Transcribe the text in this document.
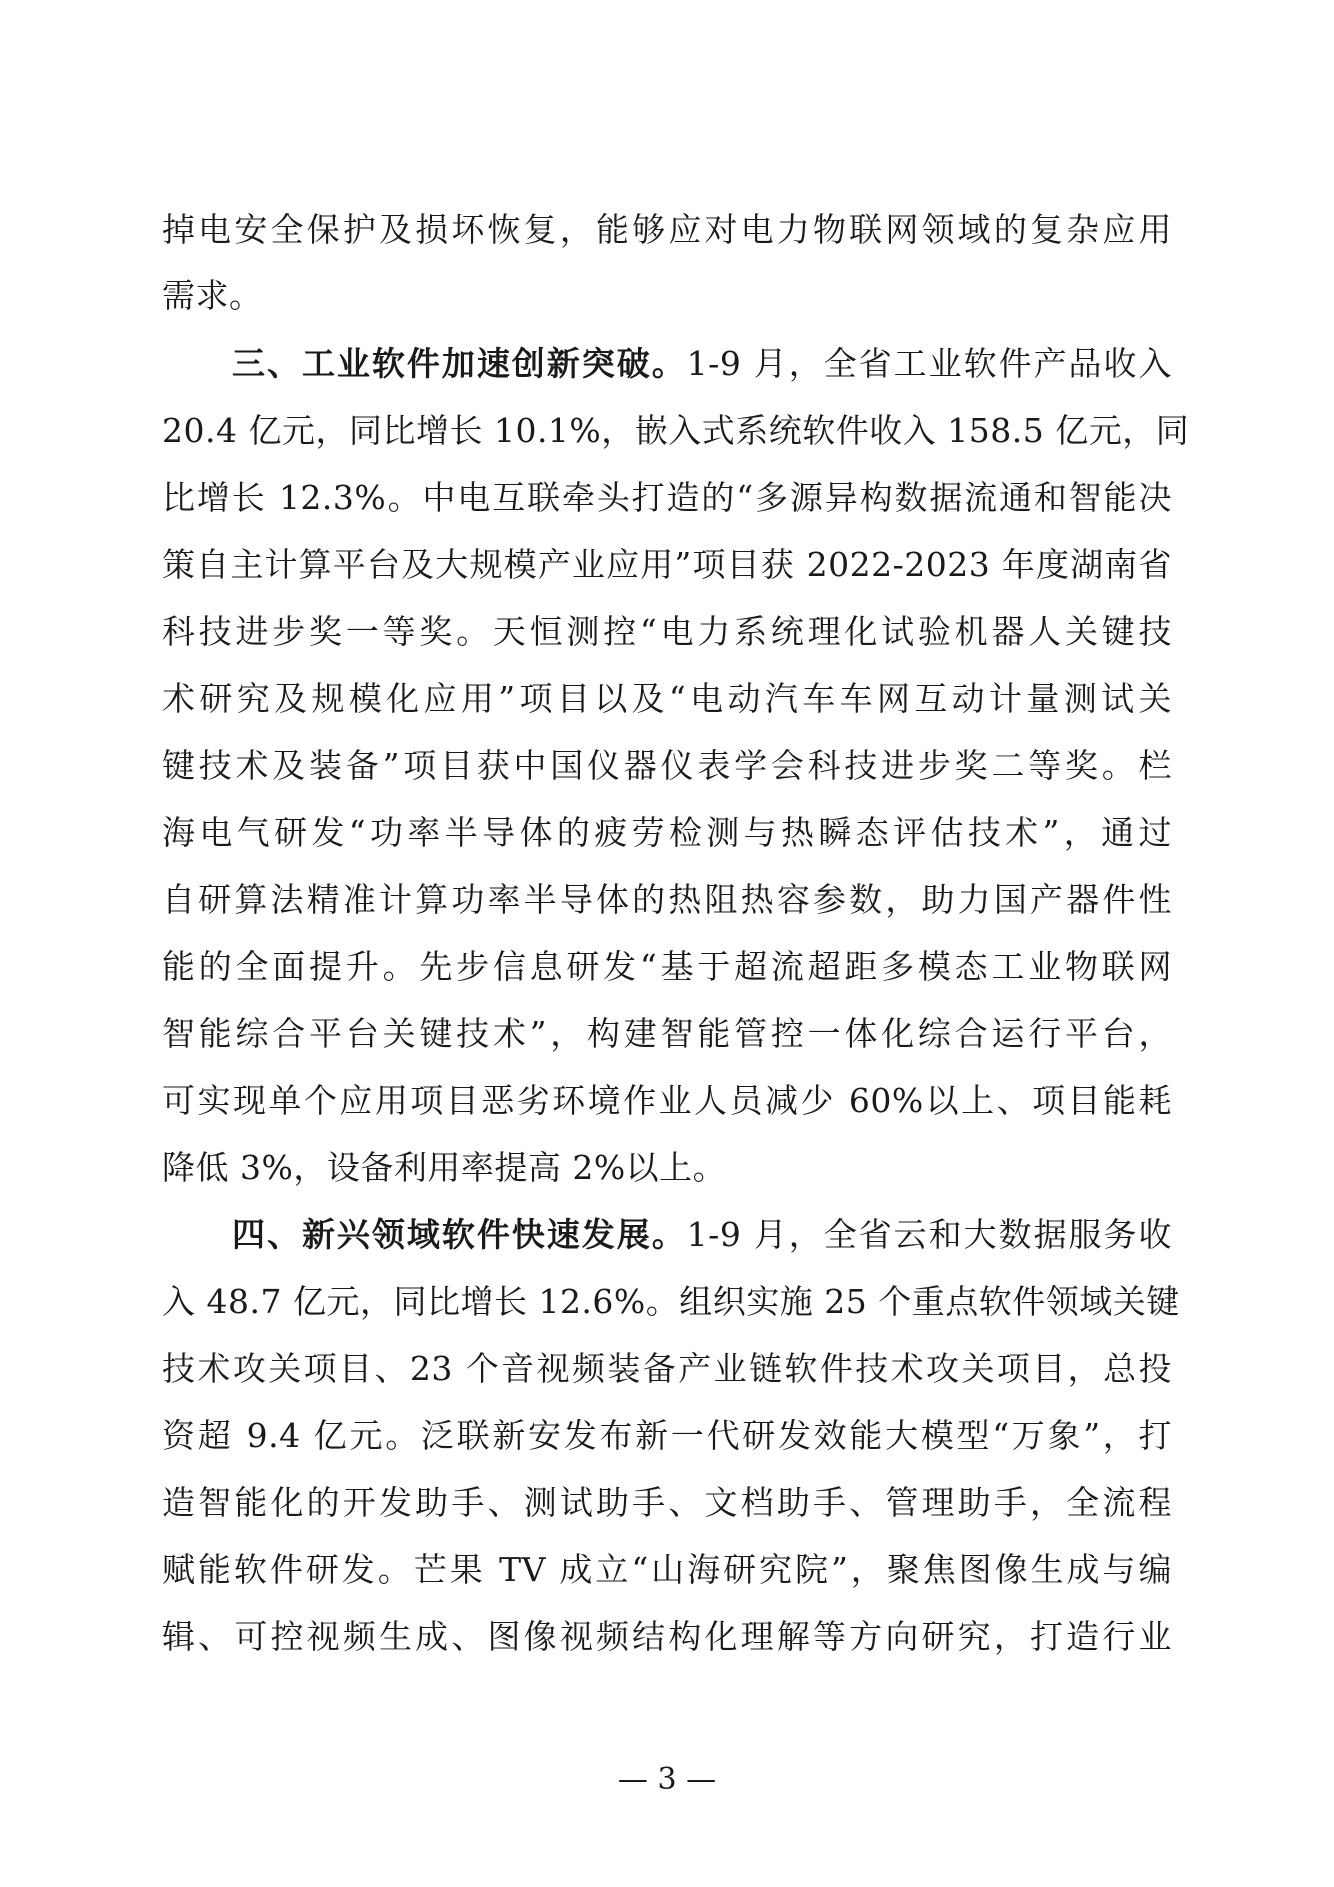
掉电安全保护及损坏恢复，能够应对电力物联网领域的复杂应用
需求。
三、工业软件加速创新突破。1-9 月，全省工业软件产品收入
20.4 亿元，同比增长 10.1%，嵌入式系统软件收入 158.5 亿元，同
比增长 12.3%。中电互联牵头打造的“多源异构数据流通和智能决
策自主计算平台及大规模产业应用”项目获 2022-2023 年度湖南省
科技进步奖一等奖。天恒测控“电力系统理化试验机器人关键技
术研究及规模化应用”项目以及“电动汽车车网互动计量测试关
键技术及装备”项目获中国仪器仪表学会科技进步奖二等奖。栏
海电气研发“功率半导体的疲劳检测与热瞬态评估技术”，通过
自研算法精准计算功率半导体的热阻热容参数，助力国产器件性
能的全面提升。先步信息研发“基于超流超距多模态工业物联网
智能综合平台关键技术”，构建智能管控一体化综合运行平台，
可实现单个应用项目恶劣环境作业人员减少 60%以上、项目能耗
降低 3%，设备利用率提高 2%以上。
四、新兴领域软件快速发展。1-9 月，全省云和大数据服务收
入 48.7 亿元，同比增长 12.6%。组织实施 25 个重点软件领域关键
技术攻关项目、23 个音视频装备产业链软件技术攻关项目，总投
资超 9.4 亿元。泛联新安发布新一代研发效能大模型“万象”，打
造智能化的开发助手、测试助手、文档助手、管理助手，全流程
赋能软件研发。芒果 TV 成立“山海研究院”，聚焦图像生成与编
辑、可控视频生成、图像视频结构化理解等方向研究，打造行业
— 3 —
